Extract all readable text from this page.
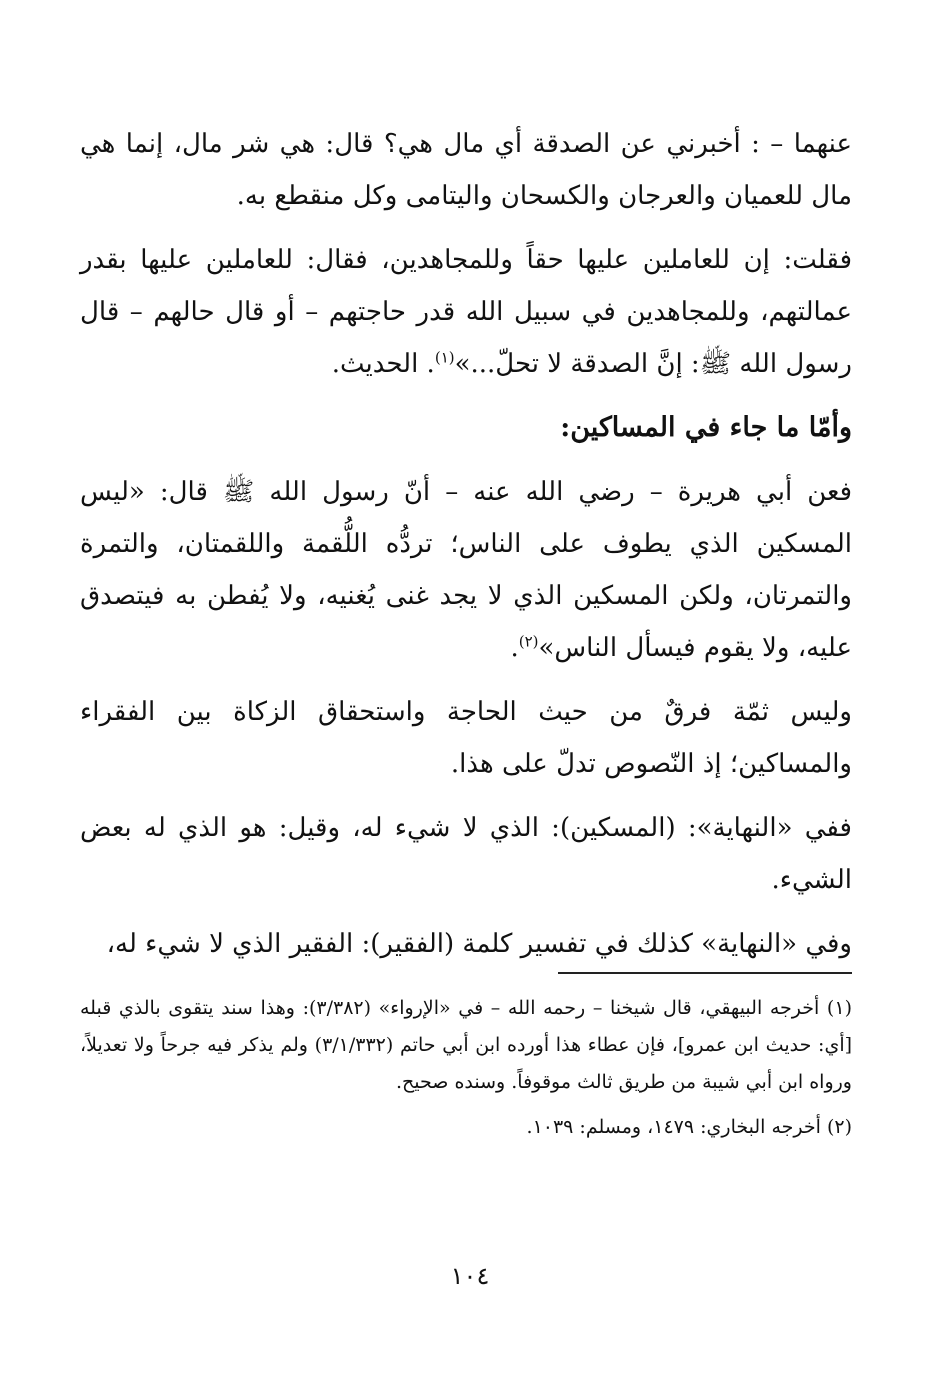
عنهما – : أخبرني عن الصدقة أي مال هي؟ قال: هي شر مال، إنما هي مال للعميان والعرجان والكسحان واليتامى وكل منقطع به.

فقلت: إن للعاملين عليها حقاً وللمجاهدين، فقال: للعاملين عليها بقدر عمالتهم، وللمجاهدين في سبيل الله قدر حاجتهم – أو قال حالهم – قال رسول الله ﷺ: إنَّ الصدقة لا تحلّ...»$^{(١)}$. الحديث.

وأمّا ما جاء في المساكين:

فعن أبي هريرة – رضي الله عنه – أنّ رسول الله ﷺ قال: «ليس المسكين الذي يطوف على الناس؛ تردُّه اللُّقمة واللقمتان، والتمرة والتمرتان، ولكن المسكين الذي لا يجد غنى يُغنيه، ولا يُفطن به فيتصدق عليه، ولا يقوم فيسأل الناس»$^{(٢)}$.

وليس ثمّة فرقٌ من حيث الحاجة واستحقاق الزكاة بين الفقراء والمساكين؛ إذ النّصوص تدلّ على هذا.

ففي «النهاية»: (المسكين): الذي لا شيء له، وقيل: هو الذي له بعض الشيء.

وفي «النهاية» كذلك في تفسير كلمة (الفقير): الفقير الذي لا شيء له،

(١) أخرجه البيهقي، قال شيخنا – رحمه الله – في «الإرواء» (٣/٣٨٢): وهذا سند يتقوى بالذي قبله [أي: حديث ابن عمرو]، فإن عطاء هذا أورده ابن أبي حاتم (٣/١/٣٣٢) ولم يذكر فيه جرحاً ولا تعديلاً، ورواه ابن أبي شيبة من طريق ثالث موقوفاً. وسنده صحيح.

(٢) أخرجه البخاري: ١٤٧٩، ومسلم: ١٠٣٩.

١٠٤
